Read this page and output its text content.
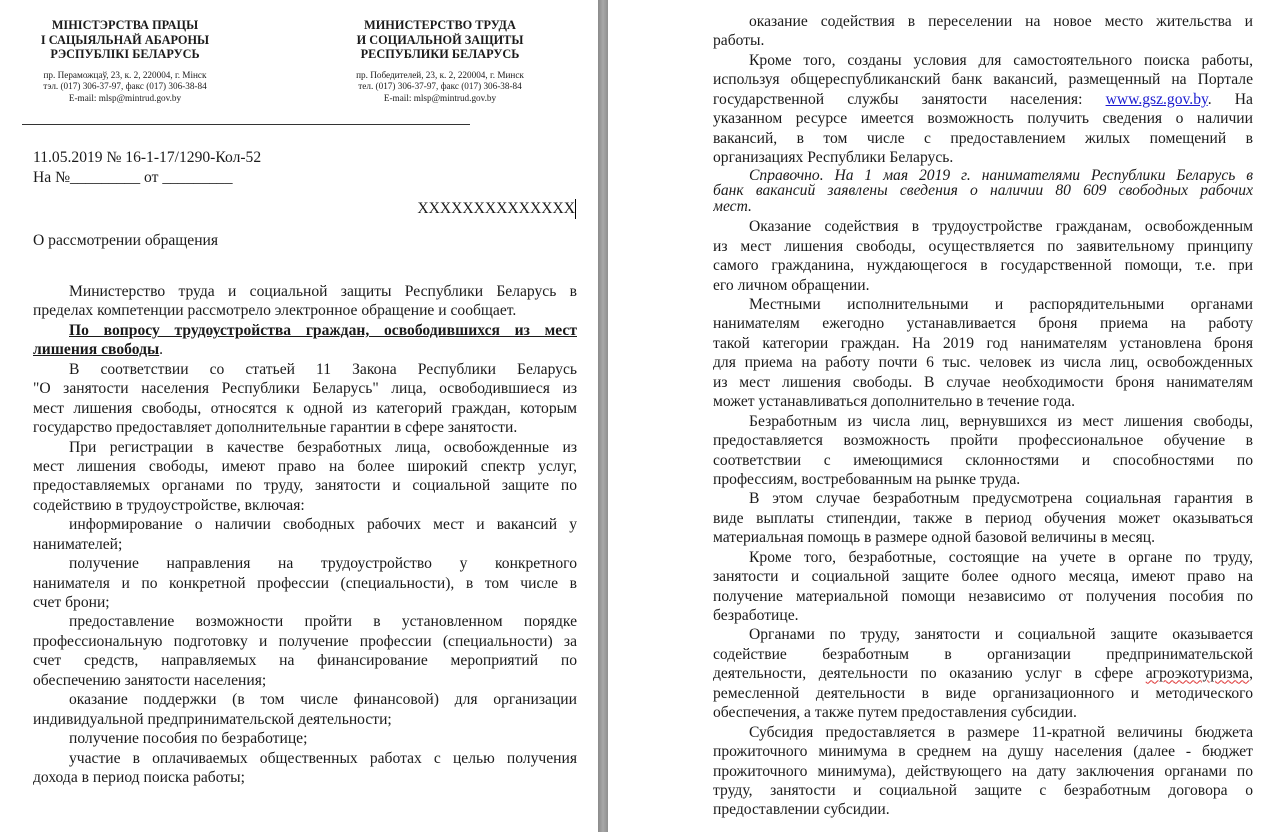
МІНІСТЭРСТВА ПРАЦЫ
І САЦЫЯЛЬНАЙ АБАРОНЫ
РЭСПУБЛІКІ БЕЛАРУСЬ
пр. Пераможцаў, 23, к. 2, 220004, г. Мінск
тэл. (017) 306-37-97, факс (017) 306-38-84
E-mail: mlsp@mintrud.gov.by
МИНИСТЕРСТВО ТРУДА
И СОЦИАЛЬНОЙ ЗАЩИТЫ
РЕСПУБЛИКИ БЕЛАРУСЬ
пр. Победителей, 23, к. 2, 220004, г. Минск
тел. (017) 306-37-97, факс (017) 306-38-84
E-mail: mlsp@mintrud.gov.by
11.05.2019 № 16-1-17/1290-Кол-52
На №_________ от _________
XXXXXXXXXXXXXX
О рассмотрении обращения
Министерство труда и социальной защиты Республики Беларусь в
пределах компетенции рассмотрело электронное обращение и сообщает.
По вопросу трудоустройства граждан, освободившихся из мест
лишения свободы.
В соответствии со статьей 11 Закона Республики Беларусь
"О занятости населения Республики Беларусь" лица, освободившиеся из
мест лишения свободы, относятся к одной из категорий граждан, которым
государство предоставляет дополнительные гарантии в сфере занятости.
При регистрации в качестве безработных лица, освобожденные из
мест лишения свободы, имеют право на более широкий спектр услуг,
предоставляемых органами по труду, занятости и социальной защите по
содействию в трудоустройстве, включая:
информирование о наличии свободных рабочих мест и вакансий у
нанимателей;
получение направления на трудоустройство у конкретного
нанимателя и по конкретной профессии (специальности), в том числе в
счет брони;
предоставление возможности пройти в установленном порядке
профессиональную подготовку и получение профессии (специальности) за
счет средств, направляемых на финансирование мероприятий по
обеспечению занятости населения;
оказание поддержки (в том числе финансовой) для организации
индивидуальной предпринимательской деятельности;
получение пособия по безработице;
участие в оплачиваемых общественных работах с целью получения
дохода в период поиска работы;
оказание содействия в переселении на новое место жительства и
работы.
Кроме того, созданы условия для самостоятельного поиска работы,
используя общереспубликанский банк вакансий, размещенный на Портале
государственной службы занятости населения: www.gsz.gov.by. На
указанном ресурсе имеется возможность получить сведения о наличии
вакансий, в том числе с предоставлением жилых помещений в
организациях Республики Беларусь.
Справочно. На 1 мая 2019 г. нанимателями Республики Беларусь в
банк вакансий заявлены сведения о наличии 80 609 свободных рабочих
мест.
Оказание содействия в трудоустройстве гражданам, освобожденным
из мест лишения свободы, осуществляется по заявительному принципу
самого гражданина, нуждающегося в государственной помощи, т.е. при
его личном обращении.
Местными исполнительными и распорядительными органами
нанимателям ежегодно устанавливается броня приема на работу
такой категории граждан. На 2019 год нанимателям установлена броня
для приема на работу почти 6 тыс. человек из числа лиц, освобожденных
из мест лишения свободы. В случае необходимости броня нанимателям
может устанавливаться дополнительно в течение года.
Безработным из числа лиц, вернувшихся из мест лишения свободы,
предоставляется возможность пройти профессиональное обучение в
соответствии с имеющимися склонностями и способностями по
профессиям, востребованным на рынке труда.
В этом случае безработным предусмотрена социальная гарантия в
виде выплаты стипендии, также в период обучения может оказываться
материальная помощь в размере одной базовой величины в месяц.
Кроме того, безработные, состоящие на учете в органе по труду,
занятости и социальной защите более одного месяца, имеют право на
получение материальной помощи независимо от получения пособия по
безработице.
Органами по труду, занятости и социальной защите оказывается
содействие безработным в организации предпринимательской
деятельности, деятельности по оказанию услуг в сфере агроэкотуризма,
ремесленной деятельности в виде организационного и методического
обеспечения, а также путем предоставления субсидии.
Субсидия предоставляется в размере 11-кратной величины бюджета
прожиточного минимума в среднем на душу населения (далее - бюджет
прожиточного минимума), действующего на дату заключения органами по
труду, занятости и социальной защите с безработным договора о
предоставлении субсидии.
